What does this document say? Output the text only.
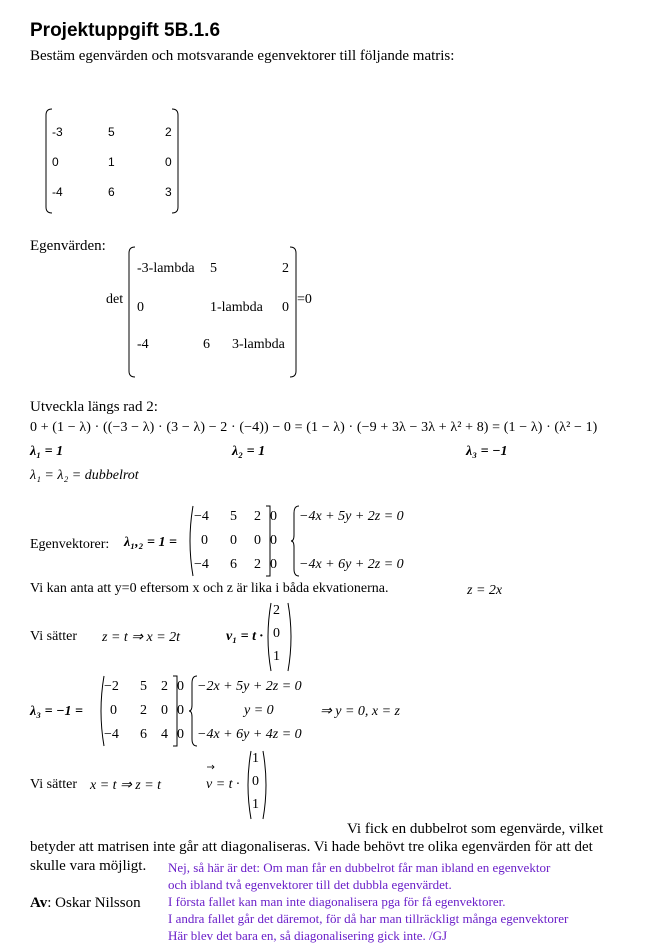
Projektuppgift 5B.1.6
Bestäm egenvärden och motsvarande egenvektorer till följande matris:
-3	5	2
0	1	0
-4	6	3
Egenvärden:
det
-3-lambda 5	2
0	1-lambda 0
-4	6 3-lambda
=0
Utveckla längs rad 2:
0 + (1 − λ) · ((−3 − λ) · (3 − λ) − 2 · (−4)) − 0 = (1 − λ) · (−9 + 3λ − 3λ + λ² + 8) = (1 − λ) · (λ² − 1)
λ₁ = 1	λ₂ = 1	λ₃ = −1
λ₁ = λ₂ = dubbelrot
Egenvektorer: λ₁,₂ = 1 =
−4 5 2 0
0 0 0 0
−4 6 2 0
−4x + 5y + 2z = 0
−4x + 6y + 2z = 0
Vi kan anta att y=0 eftersom x och z är lika i båda ekvationerna.	z = 2x
Vi sätter z = t ⇒ x = 2t	v₁ = t ·
2
0
1
λ₃ = −1 =
−2 5 2 0
0 2 0 0
−4 6 4 0
−2x + 5y + 2z = 0
y = 0
−4x + 6y + 4z = 0
⇒ y = 0, x = z
Vi sätter x = t ⇒ z = t	v = t ·
1
0
1
Vi fick en dubbelrot som egenvärde, vilket
betyder att matrisen inte går att diagonaliseras. Vi hade behövt tre olika egenvärden för att det
skulle vara möjligt.
Av: Oskar Nilsson
Nej, så här är det: Om man får en dubbelrot får man ibland en egenvektor
och ibland två egenvektorer till det dubbla egenvärdet.
I första fallet kan man inte diagonalisera pga för få egenvektorer.
I andra fallet går det däremot, för då har man tillräckligt många egenvektorer
Här blev det bara en, så diagonalisering gick inte. /GJ
